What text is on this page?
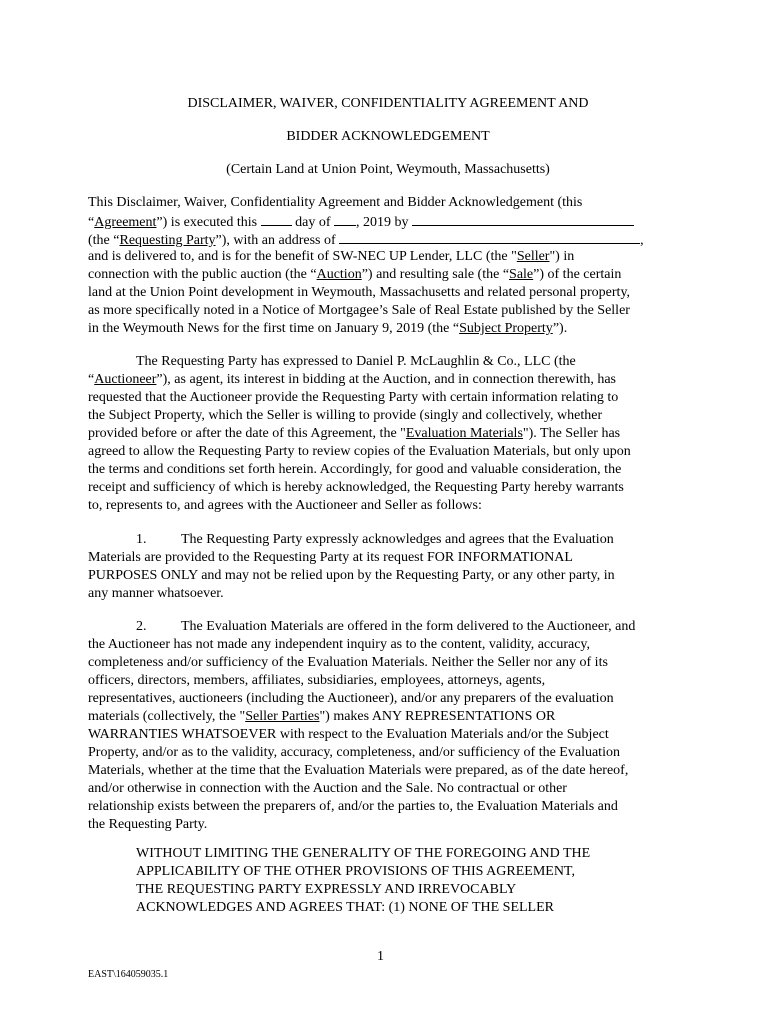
DISCLAIMER, WAIVER, CONFIDENTIALITY AGREEMENT AND
BIDDER ACKNOWLEDGEMENT
(Certain Land at Union Point, Weymouth, Massachusetts)
This Disclaimer, Waiver, Confidentiality Agreement and Bidder Acknowledgement (this
“Agreement”) is executed this	day of , 2019 by
(the “Requesting Party”), with an address of	,
and is delivered to, and is for the benefit of SW-NEC UP Lender, LLC (the "Seller") in
connection with the public auction (the “Auction”) and resulting sale (the “Sale”) of the certain
land at the Union Point development in Weymouth, Massachusetts and related personal property,
as more specifically noted in a Notice of Mortgagee’s Sale of Real Estate published by the Seller
in the Weymouth News for the first time on January 9, 2019 (the “Subject Property”).
The Requesting Party has expressed to Daniel P. McLaughlin & Co., LLC (the
“Auctioneer”), as agent, its interest in bidding at the Auction, and in connection therewith, has
requested that the Auctioneer provide the Requesting Party with certain information relating to
the Subject Property, which the Seller is willing to provide (singly and collectively, whether
provided before or after the date of this Agreement, the "Evaluation Materials"). The Seller has
agreed to allow the Requesting Party to review copies of the Evaluation Materials, but only upon
the terms and conditions set forth herein. Accordingly, for good and valuable consideration, the
receipt and sufficiency of which is hereby acknowledged, the Requesting Party hereby warrants
to, represents to, and agrees with the Auctioneer and Seller as follows:
1. The Requesting Party expressly acknowledges and agrees that the Evaluation
Materials are provided to the Requesting Party at its request FOR INFORMATIONAL
PURPOSES ONLY and may not be relied upon by the Requesting Party, or any other party, in
any manner whatsoever.
2. The Evaluation Materials are offered in the form delivered to the Auctioneer, and
the Auctioneer has not made any independent inquiry as to the content, validity, accuracy,
completeness and/or sufficiency of the Evaluation Materials. Neither the Seller nor any of its
officers, directors, members, affiliates, subsidiaries, employees, attorneys, agents,
representatives, auctioneers (including the Auctioneer), and/or any preparers of the evaluation
materials (collectively, the "Seller Parties") makes ANY REPRESENTATIONS OR
WARRANTIES WHATSOEVER with respect to the Evaluation Materials and/or the Subject
Property, and/or as to the validity, accuracy, completeness, and/or sufficiency of the Evaluation
Materials, whether at the time that the Evaluation Materials were prepared, as of the date hereof,
and/or otherwise in connection with the Auction and the Sale. No contractual or other
relationship exists between the preparers of, and/or the parties to, the Evaluation Materials and
the Requesting Party.
WITHOUT LIMITING THE GENERALITY OF THE FOREGOING AND THE
APPLICABILITY OF THE OTHER PROVISIONS OF THIS AGREEMENT,
THE REQUESTING PARTY EXPRESSLY AND IRREVOCABLY
ACKNOWLEDGES AND AGREES THAT: (1) NONE OF THE SELLER
1
EAST\164059035.1
